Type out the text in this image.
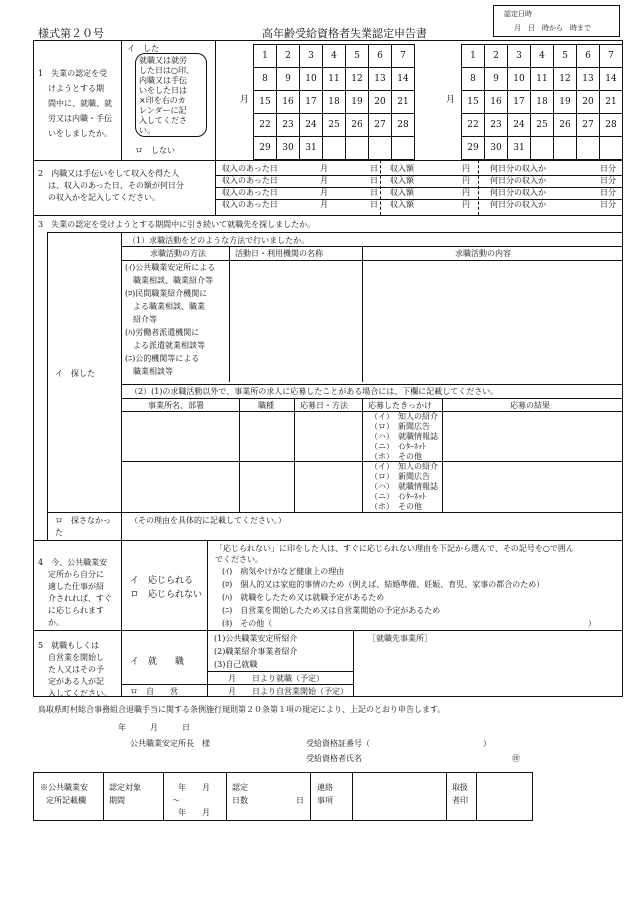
様式第２０号	高年齢受給資格者失業認定申告書
認定日時
月　日　時から　時まで
1　失業の認定を受
けようとする期
間中に、就職、就
労又は内職・手伝
いをしましたか。
イ　した
就職又は就労
した日は○印、
内職又は手伝
いをした日は
×印を右のカ
レンダーに記
入してくださ
い。
ロ　しない
月
1	2	3	4	5	6	7
8	9	10	11	12	13	14
15	16	17	18	19	20	21
22	23	24	25	26	27	28
29	30	31				
月
1	2	3	4	5	6	7
8	9	10	11	12	13	14
15	16	17	18	19	20	21
22	23	24	25	26	27	28
29	30	31				
2　内職又は手伝いをして収入を得た人
は、収入のあった日、その額が何日分
の収入かを記入してください。
収入のあった日	月	日 収入額	円	何日分の収入か	日分
収入のあった日	月	日 収入額	円	何日分の収入か	日分
収入のあった日	月	日 収入額	円	何日分の収入か	日分
収入のあった日	月	日 収入額	円	何日分の収入か	日分
3　失業の認定を受けようとする期間中に引き続いて就職先を探しましたか。
イ　探した
（1）求職活動をどのような方法で行いましたか。
求職活動の方法	活動日・利用機関の名称	求職活動の内容
(ｲ)公共職業安定所による
　職業相談、職業紹介等
(ﾛ)民間職業紹介機関に
　よる職業相談、職業
　紹介等
(ﾊ)労働者派遣機関に
　よる派遣就業相談等
(ﾆ)公的機関等による
　職業相談等
（2）(1)の求職活動以外で、事業所の求人に応募したことがある場合には、下欄に記載してください。
事業所名、部署	職種	応募日・方法	応募したきっかけ	応募の結果
（イ）　知人の紹介
（ロ）　新聞広告
（ハ）　就職情報誌
（ニ）　ｲﾝﾀｰﾈｯﾄ
（ホ）　その他
（イ）　知人の紹介
（ロ）　新聞広告
（ハ）　就職情報誌
（ニ）　ｲﾝﾀｰﾈｯﾄ
（ホ）　その他
ロ　探さなかっ
た
（その理由を具体的に記載してください。）
4　今、公共職業安
定所から自分に
適した仕事が紹
介されれば、すぐ
に応じられます
か。
イ　応じられる
ロ　応じられない
「応じられない」に印をした人は、すぐに応じられない理由を下記から選んで、その記号を○で囲ん
でください。
(ｲ)　病気やけがなど健康上の理由
(ﾛ)　個人的又は家庭的事情のため（例えば、結婚準備、妊娠、育児、家事の都合のため）
(ﾊ)　就職をしたため又は就職予定があるため
(ﾆ)　自営業を開始したため又は自営業開始の予定があるため
(ﾎ)　その他（	）
5　就職もしくは
自営業を開始し
た人又はその予
定がある人が記
入してください。
イ　就　　職
ロ　自　　営
(1)公共職業安定所紹介
(2)職業紹介事業者紹介
(3)自己就職
月　　日より就職（予定）
月　　日より自営業開始（予定）
［就職先事業所］
鳥取県町村総合事務組合退職手当に関する条例施行規則第２０条第１項の規定により、上記のとおり申告します。
年　　　月　　　日
公共職業安定所長　様	受給資格証番号（	）
受給資格者氏名	㊞
※公共職業安
定所記載欄
認定対象
期間
年　　月
～
年　　月
認定
日数	日
連絡
事項
取扱
者印
